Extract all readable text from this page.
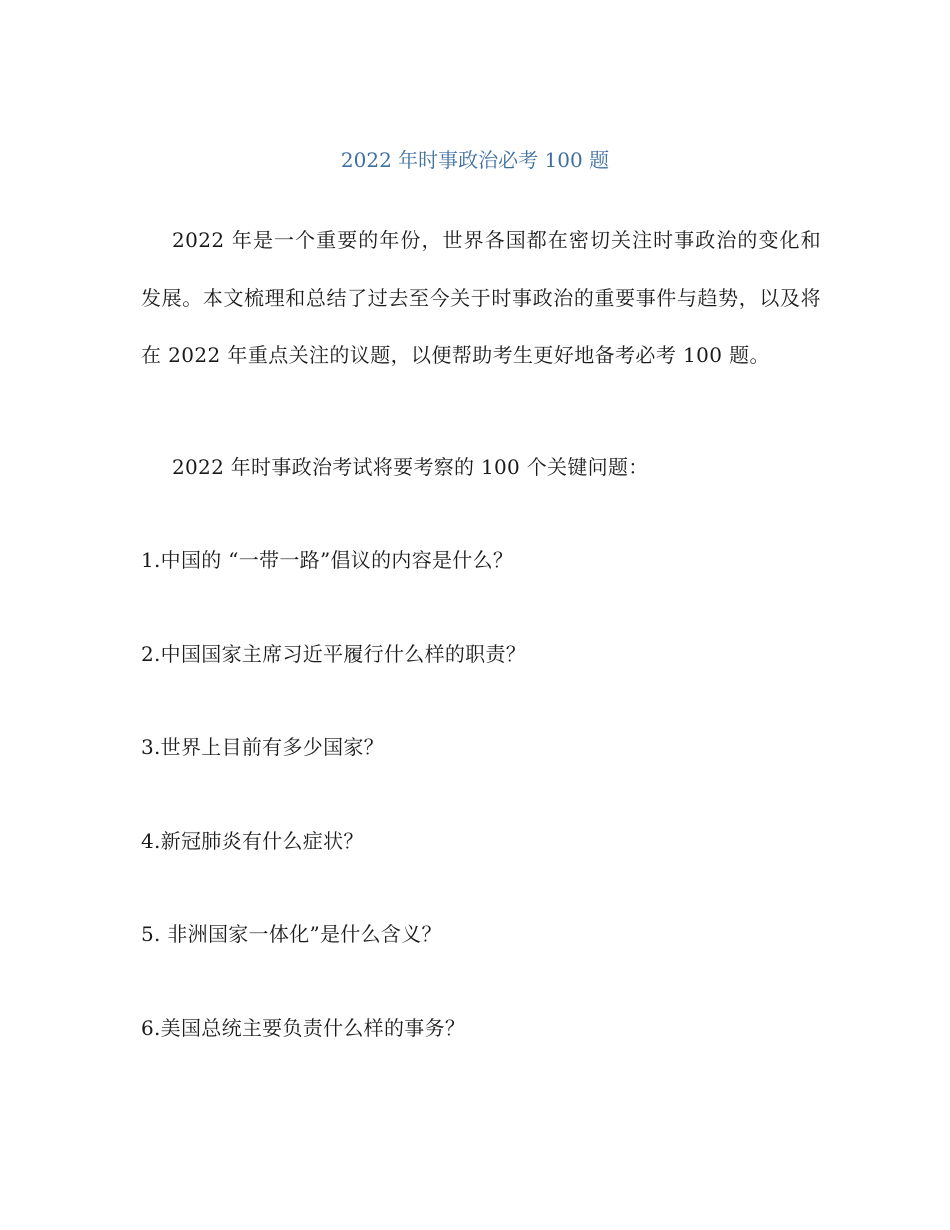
2022 年时事政治必考 100 题

2022 年是一个重要的年份，世界各国都在密切关注时事政治的变化和发展。本文梳理和总结了过去至今关于时事政治的重要事件与趋势，以及将在 2022 年重点关注的议题，以便帮助考生更好地备考必考 100 题。

2022 年时事政治考试将要考察的 100 个关键问题：

1.中国的 “一带一路”倡议的内容是什么？

2.中国国家主席习近平履行什么样的职责？

3.世界上目前有多少国家？

4.新冠肺炎有什么症状？

5. 非洲国家一体化”是什么含义？

6.美国总统主要负责什么样的事务？
